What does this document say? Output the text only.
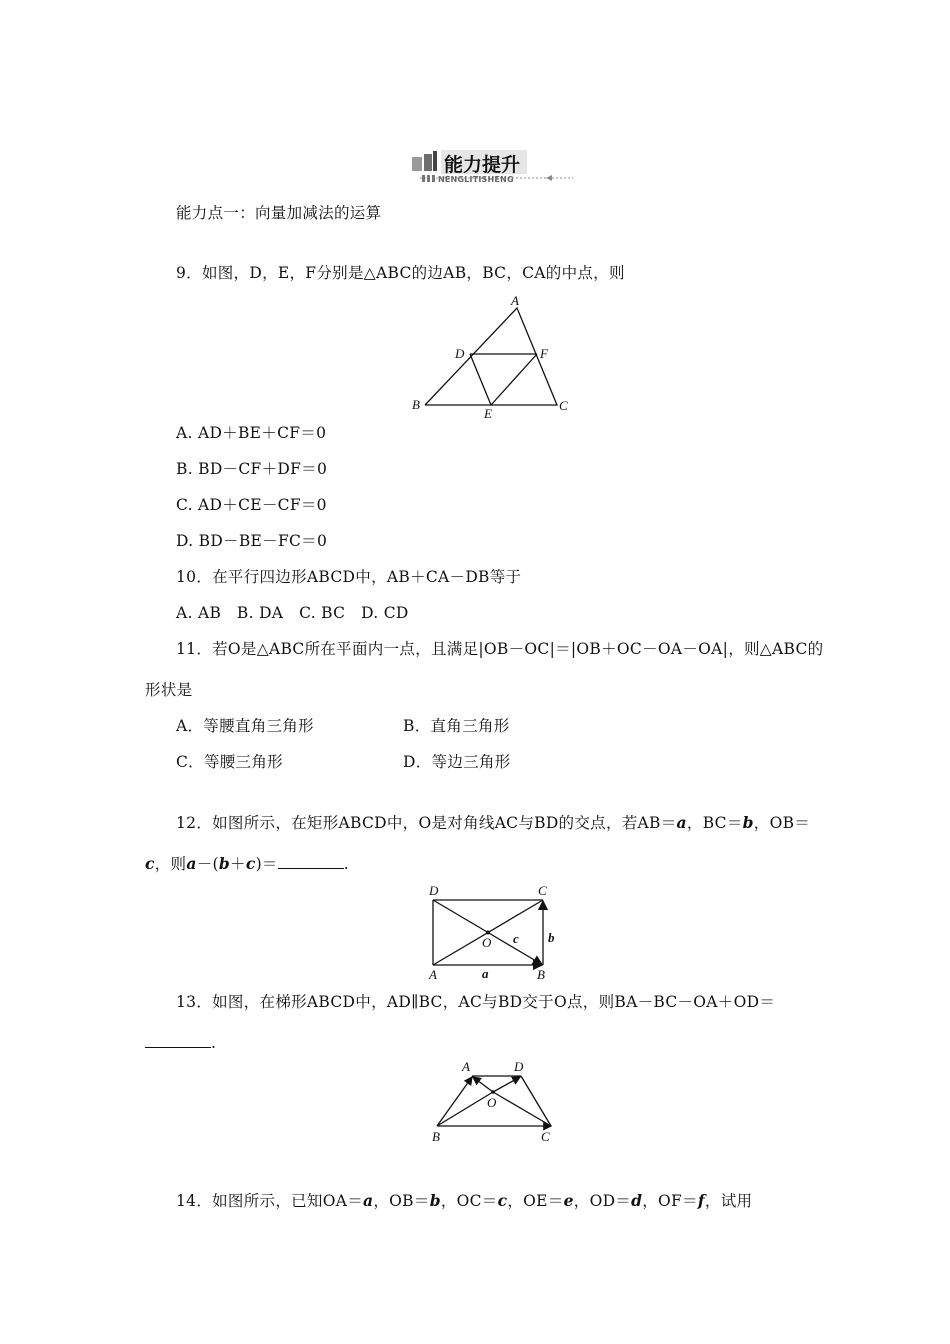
能力提升
NENGLITISHENG
能力点一：向量加减法的运算
9．如图，D，E，F分别是△ABC的边AB，BC，CA的中点，则
A
D	F
B
E
C
A. AD＋BE＋CF＝0
B. BD－CF＋DF＝0
C. AD＋CE－CF＝0
D. BD－BE－FC＝0
10．在平行四边形ABCD中，AB＋CA－DB等于
A. AB　B. DA　C. BC　D. CD
11．若O是△ABC所在平面内一点，且满足|OB－OC|＝|OB＋OC－OA－OA|，则△ABC的
形状是
A．等腰直角三角形	B．直角三角形
C．等腰三角形	D．等边三角形
12．如图所示，在矩形ABCD中，O是对角线AC与BD的交点，若AB＝a，BC＝b，OB＝
c，则a－(b＋c)＝	.
D	C
A	B
O
a
b
c
13．如图，在梯形ABCD中，AD∥BC，AC与BD交于O点，则BA－BC－OA＋OD＝
.
A	D
O
B	C
14．如图所示，已知OA＝a，OB＝b，OC＝c，OE＝e，OD＝d，OF＝f，试用
